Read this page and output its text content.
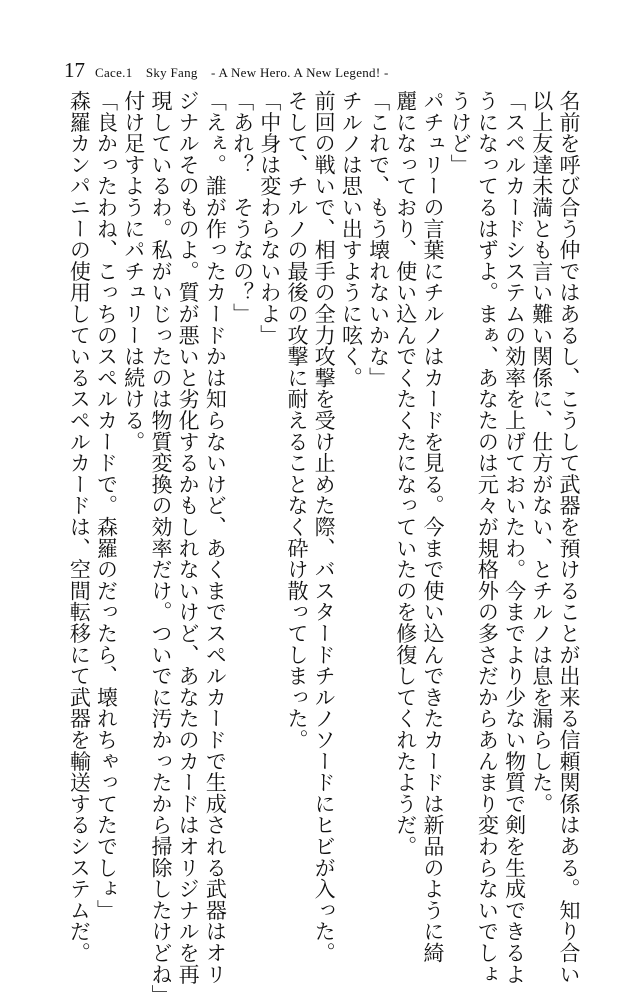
17 Cace.1　Sky Fang　- A New Hero. A New Legend! -
名前を呼び合う仲ではあるし、こうして武器を預けることが出来る信頼関係はある。知り合い
以上友達未満とも言い難い関係に、仕方がない、とチルノは息を漏らした。
「スペルカードシステムの効率を上げておいたわ。今までより少ない物質で剣を生成できるよ
うになってるはずよ。まぁ、あなたのは元々が規格外の多さだからあんまり変わらないでしょ
うけど」
パチュリーの言葉にチルノはカードを見る。今まで使い込んできたカードは新品のように綺
麗になっており、使い込んでくたくたになっていたのを修復してくれたようだ。
「これで、もう壊れないかな」
チルノは思い出すように呟く。
前回の戦いで、相手の全力攻撃を受け止めた際、バスタードチルノソードにヒビが入った。
そして、チルノの最後の攻撃に耐えることなく砕け散ってしまった。
「中身は変わらないわよ」
「あれ？　そうなの？」
「えぇ。誰が作ったカードかは知らないけど、あくまでスペルカードで生成される武器はオリ
ジナルそのものよ。質が悪いと劣化するかもしれないけど、あなたのカードはオリジナルを再
現しているわ。私がいじったのは物質変換の効率だけ。ついでに汚かったから掃除したけどね」
付け足すようにパチュリーは続ける。
「良かったわね、こっちのスペルカードで。森羅のだったら、壊れちゃってたでしょ」
森羅カンパニーの使用しているスペルカードは、空間転移にて武器を輸送するシステムだ。
